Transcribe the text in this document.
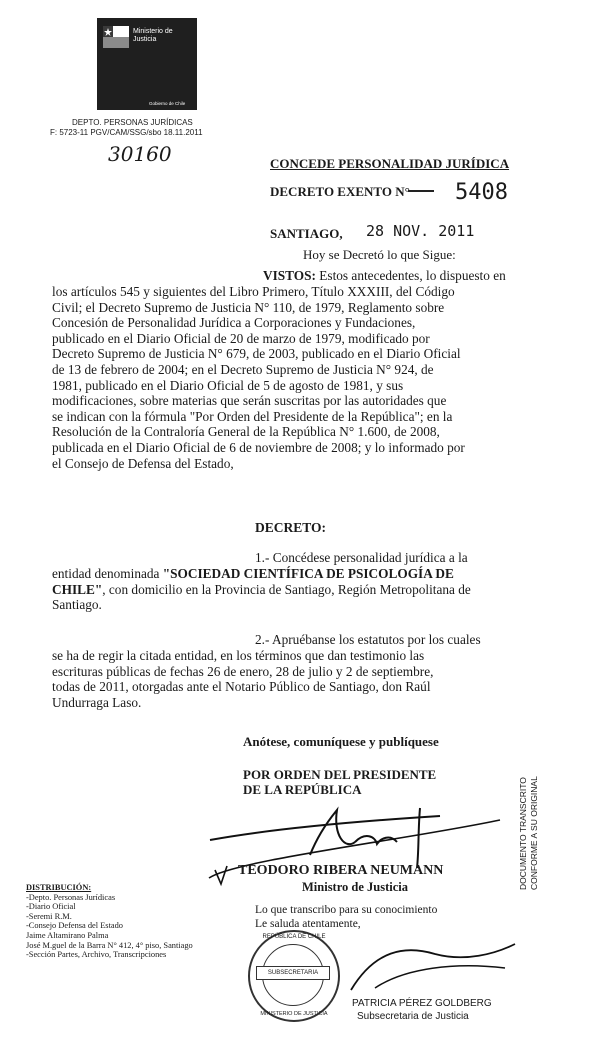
Ministerio de
Justicia
Gobierno de Chile
DEPTO. PERSONAS JURÍDICAS
F: 5723-11 PGV/CAM/SSG/sbo 18.11.2011
30160	CONCEDE PERSONALIDAD JURÍDICA
DECRETO EXENTO N° 5408
SANTIAGO, 28 NOV. 2011
Hoy se Decretó lo que Sigue:
VISTOS: Estos antecedentes, lo dispuesto en
los artículos 545 y siguientes del Libro Primero, Título XXXIII, del Código
Civil; el Decreto Supremo de Justicia N° 110, de 1979, Reglamento sobre
Concesión de Personalidad Jurídica a Corporaciones y Fundaciones,
publicado en el Diario Oficial de 20 de marzo de 1979, modificado por
Decreto Supremo de Justicia N° 679, de 2003, publicado en el Diario Oficial
de 13 de febrero de 2004; en el Decreto Supremo de Justicia N° 924, de
1981, publicado en el Diario Oficial de 5 de agosto de 1981, y sus
modificaciones, sobre materias que serán suscritas por las autoridades que
se indican con la fórmula "Por Orden del Presidente de la República"; en la
Resolución de la Contraloría General de la República N° 1.600, de 2008,
publicada en el Diario Oficial de 6 de noviembre de 2008; y lo informado por
el Consejo de Defensa del Estado,
DECRETO:
1.- Concédese personalidad jurídica a la
entidad denominada "SOCIEDAD CIENTÍFICA DE PSICOLOGÍA DE
CHILE", con domicilio en la Provincia de Santiago, Región Metropolitana de
Santiago.
2.- Apruébanse los estatutos por los cuales
se ha de regir la citada entidad, en los términos que dan testimonio las
escrituras públicas de fechas 26 de enero, 28 de julio y 2 de septiembre,
todas de 2011, otorgadas ante el Notario Público de Santiago, don Raúl
Undurraga Laso.
Anótese, comuníquese y publíquese
POR ORDEN DEL PRESIDENTE
DE LA REPÚBLICA
TEODORO RIBERA NEUMANN
Ministro de Justicia
Lo que transcribo para su conocimiento
Le saluda atentamente,
DISTRIBUCIÓN:
-Depto. Personas Jurídicas
-Diario Oficial
-Seremi R.M.
-Consejo Defensa del Estado
Jaime Altamirano Palma
José M.guel de la Barra N° 412, 4° piso, Santiago
-Sección Partes, Archivo, Transcripciones
SUBSECRETARIA
REPÚBLICA DE CHILE
MINISTERIO DE JUSTICIA
PATRICIA PÉREZ GOLDBERG
Subsecretaria de Justicia
DOCUMENTO TRANSCRITO CONFORME A SU ORIGINAL
